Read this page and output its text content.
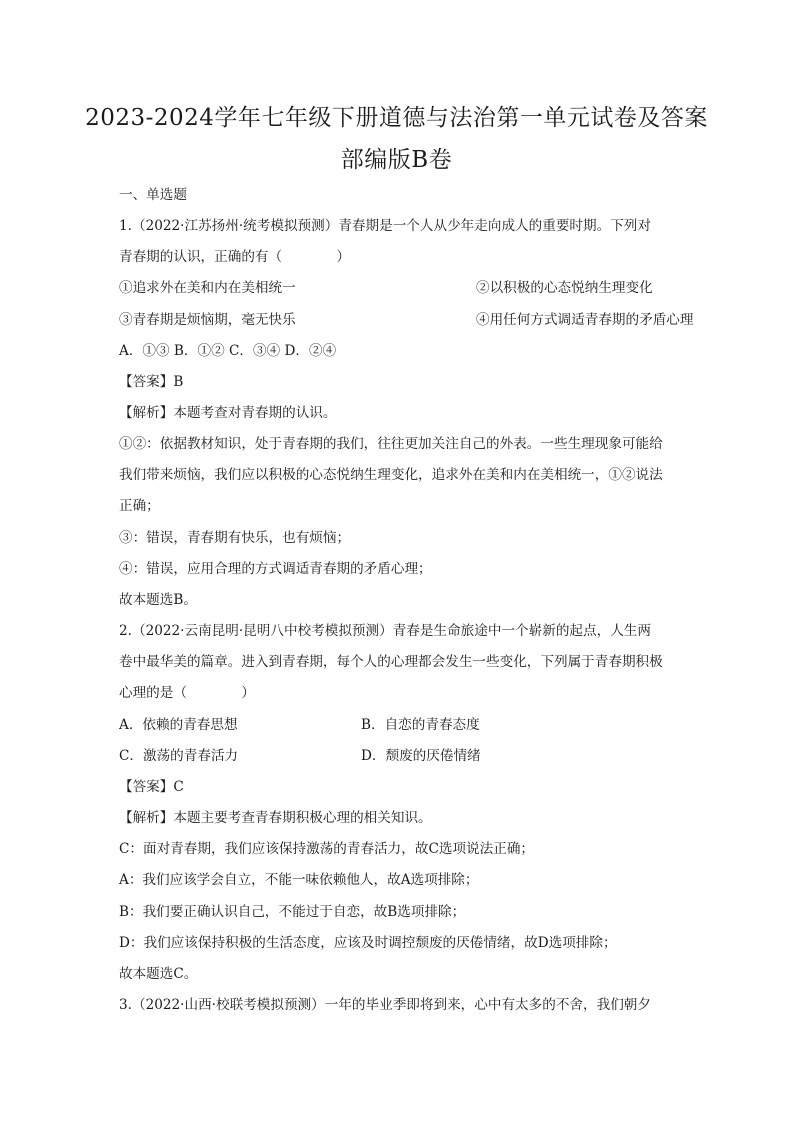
2023-2024学年七年级下册道德与法治第一单元试卷及答案
部编版B卷
一、单选题
1.（2022·江苏扬州·统考模拟预测）青春期是一个人从少年走向成人的重要时期。下列对
青春期的认识，正确的有（　　　　）
①追求外在美和内在美相统一	②以积极的心态悦纳生理变化
③青春期是烦恼期，毫无快乐	④用任何方式调适青春期的矛盾心理
A．①③ B．①② C．③④ D．②④
【答案】B
【解析】本题考查对青春期的认识。
①②：依据教材知识，处于青春期的我们，往往更加关注自己的外表。一些生理现象可能给
我们带来烦恼，我们应以积极的心态悦纳生理变化，追求外在美和内在美相统一，①②说法
正确；
③：错误，青春期有快乐，也有烦恼；
④：错误，应用合理的方式调适青春期的矛盾心理；
故本题选B。
2.（2022·云南昆明·昆明八中校考模拟预测）青春是生命旅途中一个崭新的起点，人生两
卷中最华美的篇章。进入到青春期，每个人的心理都会发生一些变化，下列属于青春期积极
心理的是（　　　　）
A．依赖的青春思想	B．自恋的青春态度
C．激荡的青春活力	D．颓废的厌倦情绪
【答案】C
【解析】本题主要考查青春期积极心理的相关知识。
C：面对青春期，我们应该保持激荡的青春活力，故C选项说法正确；
A：我们应该学会自立，不能一味依赖他人，故A选项排除；
B：我们要正确认识自己，不能过于自恋，故B选项排除；
D：我们应该保持积极的生活态度，应该及时调控颓废的厌倦情绪，故D选项排除；
故本题选C。
3.（2022·山西·校联考模拟预测）一年的毕业季即将到来，心中有太多的不舍，我们朝夕
